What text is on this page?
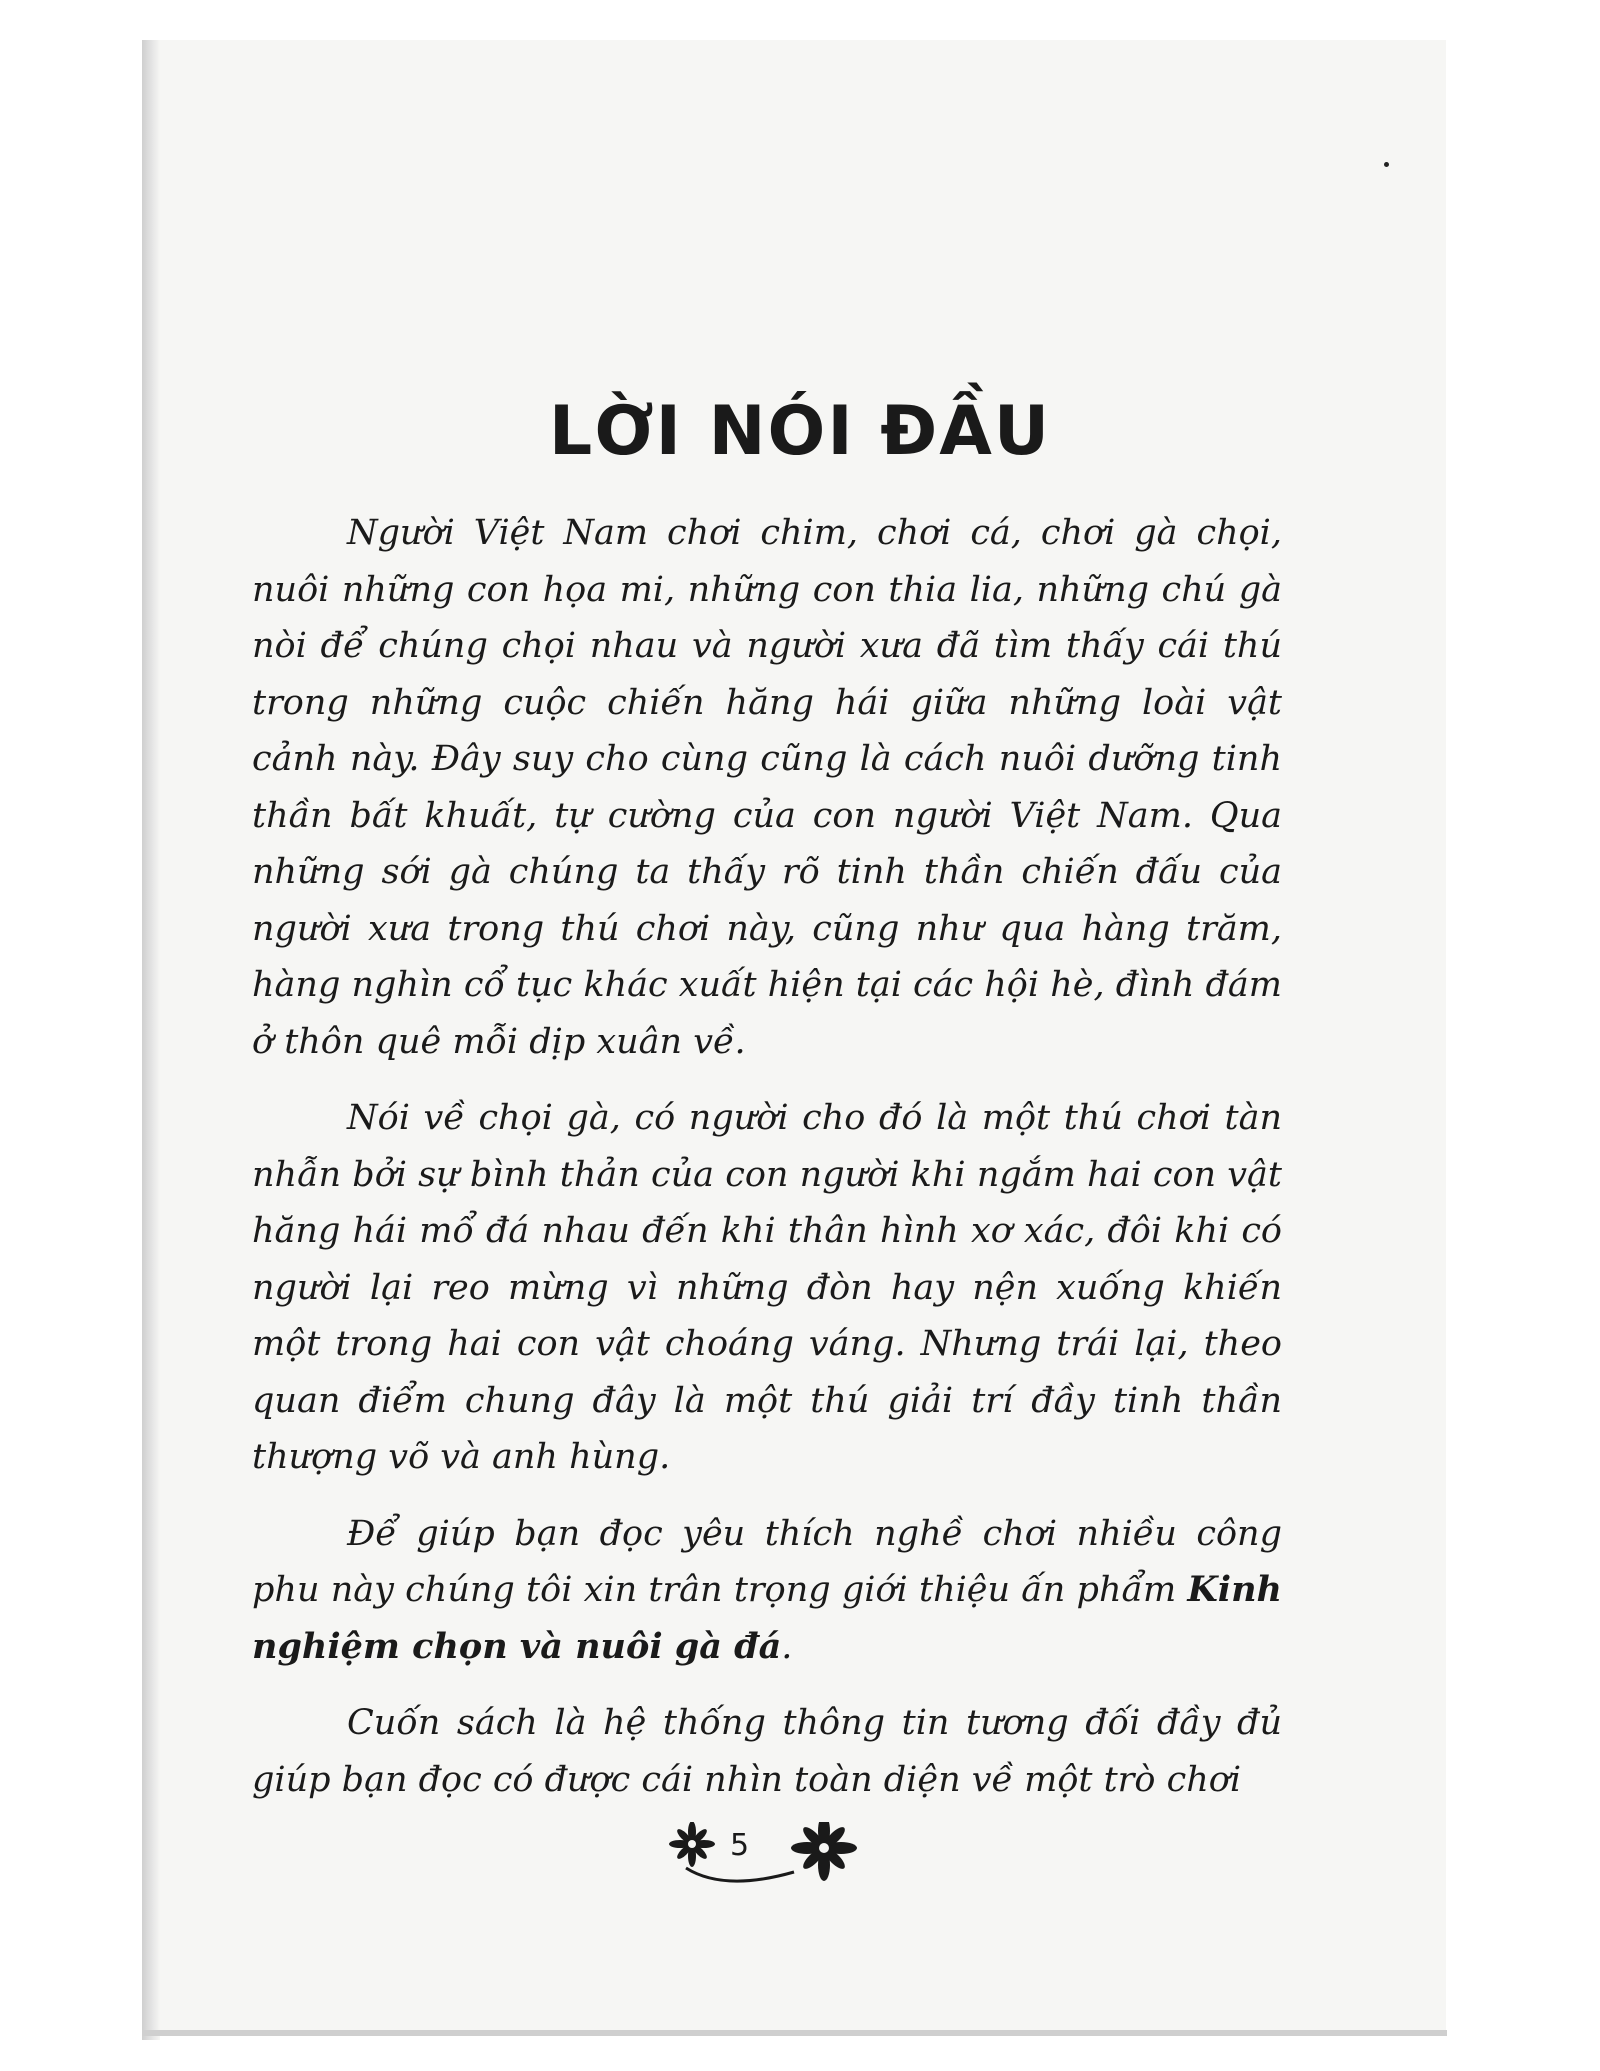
LỜI NÓI ĐẦU

Người Việt Nam chơi chim, chơi cá, chơi gà chọi, nuôi những con họa mi, những con thia lia, những chú gà nòi để chúng chọi nhau và người xưa đã tìm thấy cái thú trong những cuộc chiến hăng hái giữa những loài vật cảnh này. Đây suy cho cùng cũng là cách nuôi dưỡng tinh thần bất khuất, tự cường của con người Việt Nam. Qua những sới gà chúng ta thấy rõ tinh thần chiến đấu của người xưa trong thú chơi này, cũng như qua hàng trăm, hàng nghìn cổ tục khác xuất hiện tại các hội hè, đình đám ở thôn quê mỗi dịp xuân về.

Nói về chọi gà, có người cho đó là một thú chơi tàn nhẫn bởi sự bình thản của con người khi ngắm hai con vật hăng hái mổ đá nhau đến khi thân hình xơ xác, đôi khi có người lại reo mừng vì những đòn hay nện xuống khiến một trong hai con vật choáng váng. Nhưng trái lại, theo quan điểm chung đây là một thú giải trí đầy tinh thần thượng võ và anh hùng.

Để giúp bạn đọc yêu thích nghề chơi nhiều công phu này chúng tôi xin trân trọng giới thiệu ấn phẩm Kinh nghiệm chọn và nuôi gà đá.

Cuốn sách là hệ thống thông tin tương đối đầy đủ giúp bạn đọc có được cái nhìn toàn diện về một trò chơi

5
